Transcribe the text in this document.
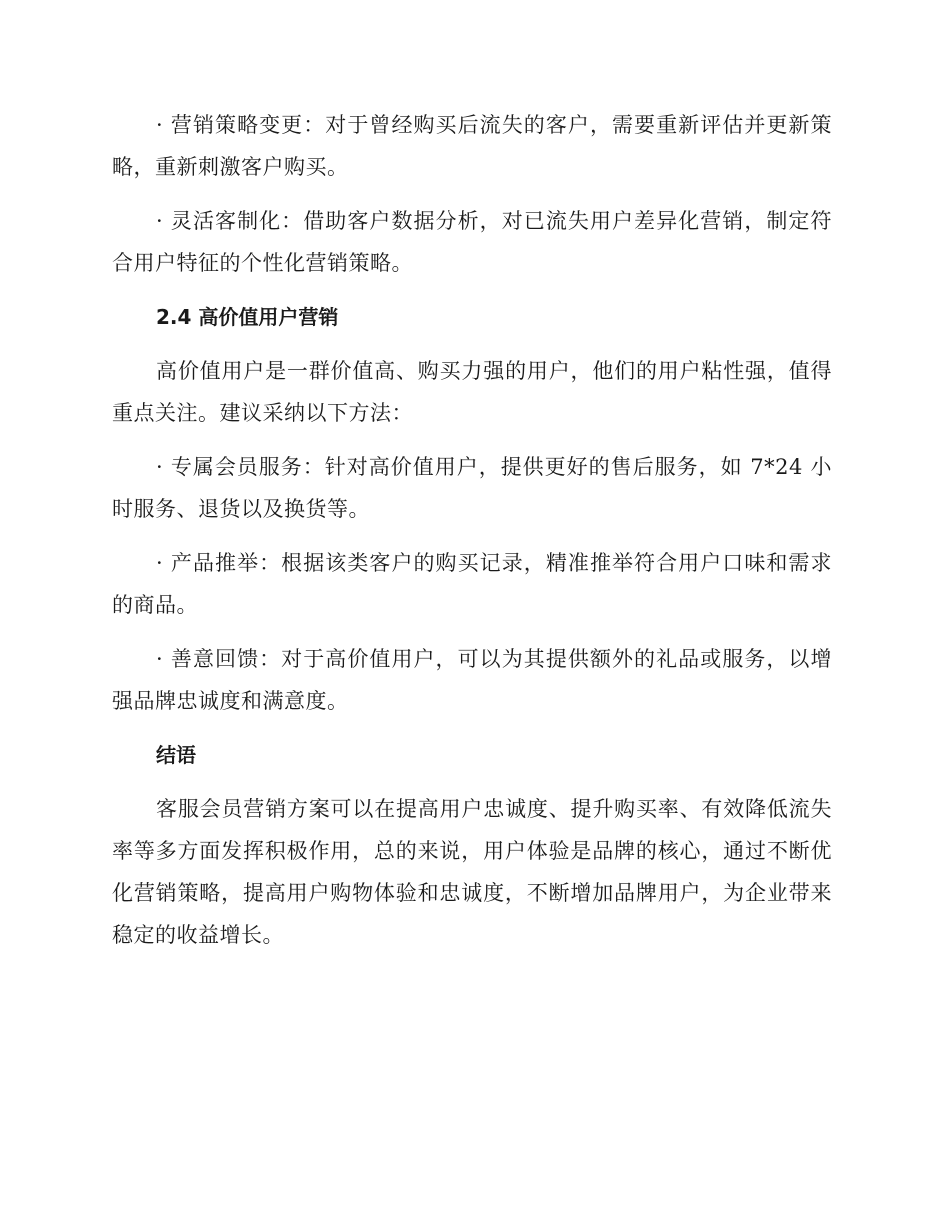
· 营销策略变更：对于曾经购买后流失的客户，需要重新评估并更新策略，重新刺激客户购买。

· 灵活客制化：借助客户数据分析，对已流失用户差异化营销，制定符合用户特征的个性化营销策略。

2.4 高价值用户营销

高价值用户是一群价值高、购买力强的用户，他们的用户粘性强，值得重点关注。建议采纳以下方法：

· 专属会员服务：针对高价值用户，提供更好的售后服务，如 7*24 小时服务、退货以及换货等。

· 产品推举：根据该类客户的购买记录，精准推举符合用户口味和需求的商品。

· 善意回馈：对于高价值用户，可以为其提供额外的礼品或服务，以增强品牌忠诚度和满意度。

结语

客服会员营销方案可以在提高用户忠诚度、提升购买率、有效降低流失率等多方面发挥积极作用，总的来说，用户体验是品牌的核心，通过不断优化营销策略，提高用户购物体验和忠诚度，不断增加品牌用户，为企业带来稳定的收益增长。
